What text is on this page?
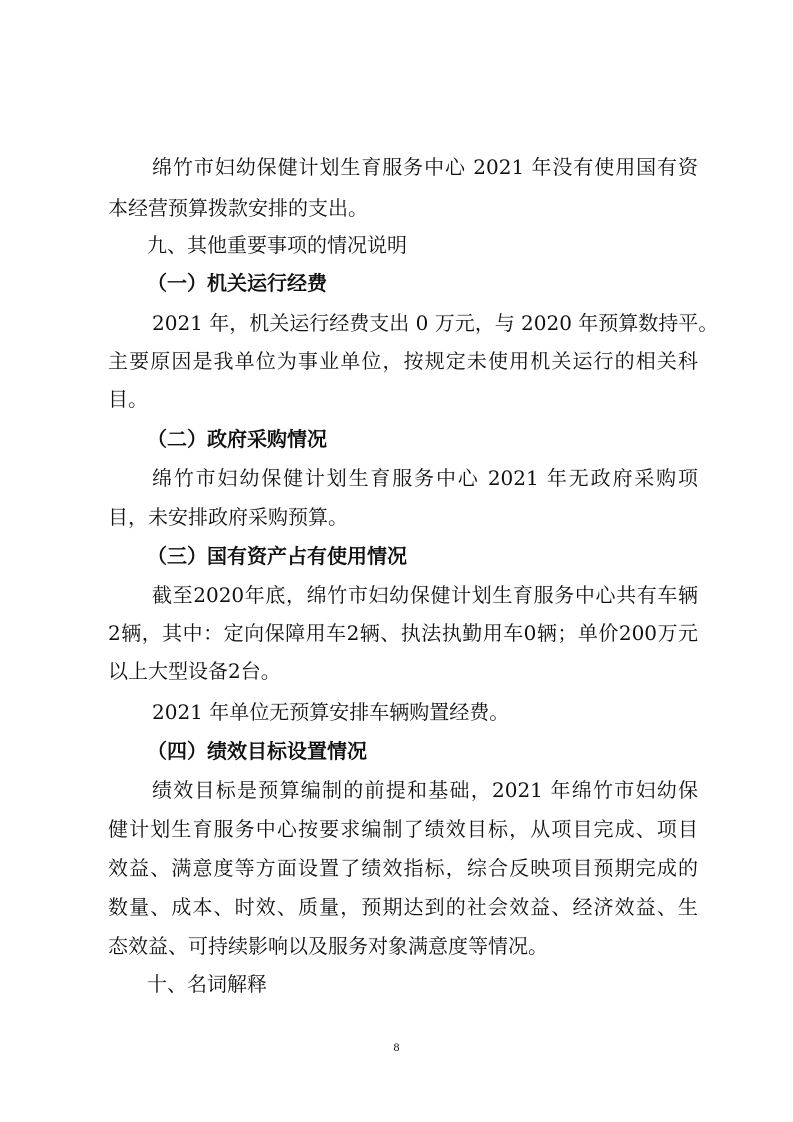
绵竹市妇幼保健计划生育服务中心 2021 年没有使用国有资
本经营预算拨款安排的支出。
九、其他重要事项的情况说明
（一）机关运行经费
2021 年，机关运行经费支出 0 万元，与 2020 年预算数持平。
主要原因是我单位为事业单位，按规定未使用机关运行的相关科
目。
（二）政府采购情况
绵竹市妇幼保健计划生育服务中心 2021 年无政府采购项
目，未安排政府采购预算。
（三）国有资产占有使用情况
截至2020年底，绵竹市妇幼保健计划生育服务中心共有车辆
2辆，其中：定向保障用车2辆、执法执勤用车0辆；单价200万元
以上大型设备2台。
2021 年单位无预算安排车辆购置经费。
（四）绩效目标设置情况
绩效目标是预算编制的前提和基础，2021 年绵竹市妇幼保
健计划生育服务中心按要求编制了绩效目标，从项目完成、项目
效益、满意度等方面设置了绩效指标，综合反映项目预期完成的
数量、成本、时效、质量，预期达到的社会效益、经济效益、生
态效益、可持续影响以及服务对象满意度等情况。
十、名词解释
8
